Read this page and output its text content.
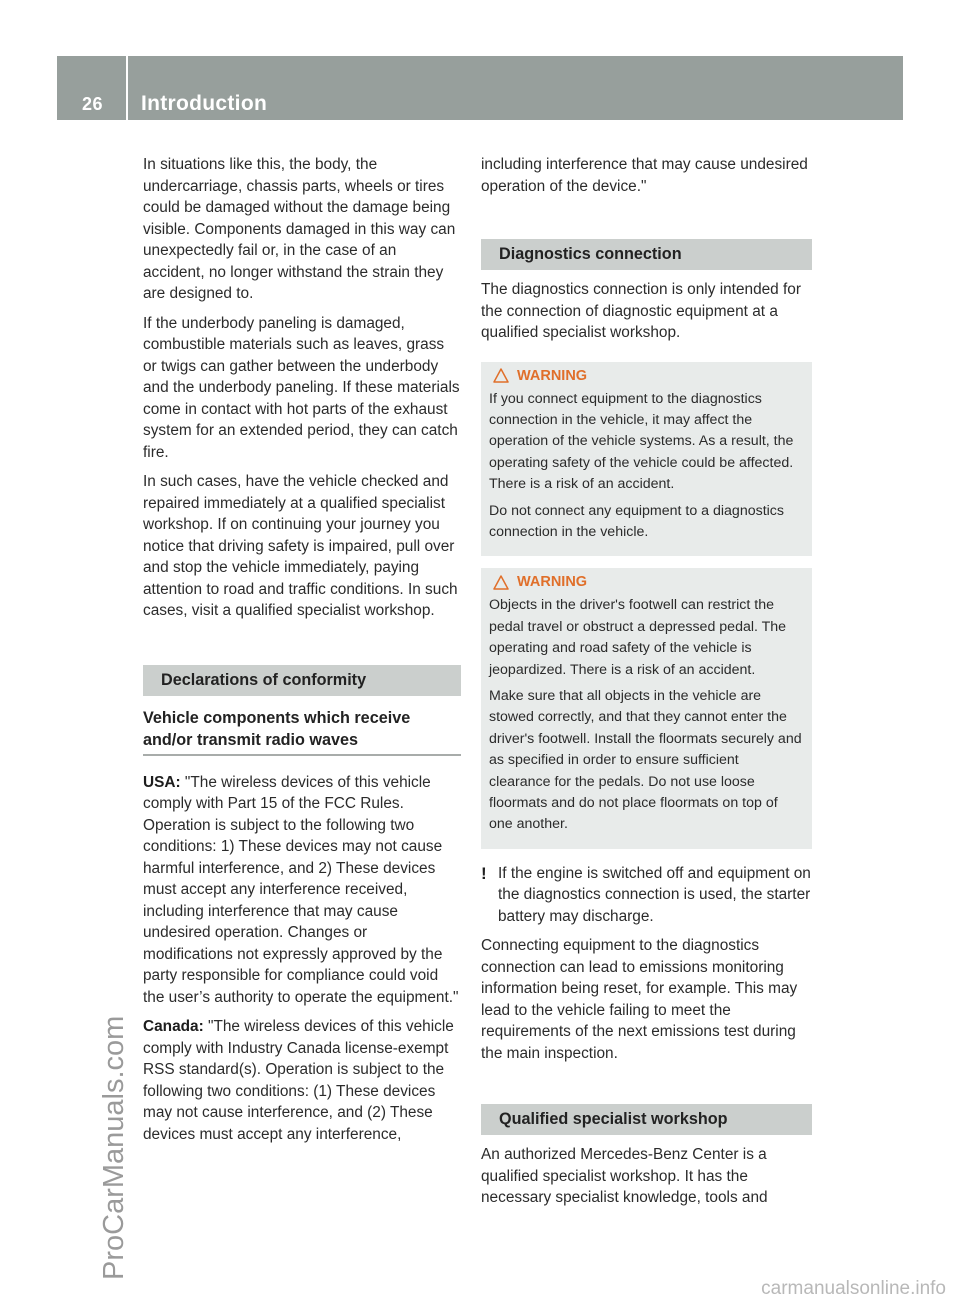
26 Introduction
ProCarManuals.com
carmanualsonline.info

In situations like this, the body, the undercarriage, chassis parts, wheels or tires could be damaged without the damage being visible. Components damaged in this way can unexpectedly fail or, in the case of an accident, no longer withstand the strain they are designed to.

If the underbody paneling is damaged, combustible materials such as leaves, grass or twigs can gather between the underbody and the underbody paneling. If these materials come in contact with hot parts of the exhaust system for an extended period, they can catch fire.

In such cases, have the vehicle checked and repaired immediately at a qualified specialist workshop. If on continuing your journey you notice that driving safety is impaired, pull over and stop the vehicle immediately, paying attention to road and traffic conditions. In such cases, visit a qualified specialist workshop.

Declarations of conformity
Vehicle components which receive and/or transmit radio waves

USA: "The wireless devices of this vehicle comply with Part 15 of the FCC Rules. Operation is subject to the following two conditions: 1) These devices may not cause harmful interference, and 2) These devices must accept any interference received, including interference that may cause undesired operation. Changes or modifications not expressly approved by the party responsible for compliance could void the user’s authority to operate the equipment."

Canada: "The wireless devices of this vehicle comply with Industry Canada license-exempt RSS standard(s). Operation is subject to the following two conditions: (1) These devices may not cause interference, and (2) These devices must accept any interference,

including interference that may cause undesired operation of the device."

Diagnostics connection

The diagnostics connection is only intended for the connection of diagnostic equipment at a qualified specialist workshop.

WARNING

If you connect equipment to the diagnostics connection in the vehicle, it may affect the operation of the vehicle systems. As a result, the operating safety of the vehicle could be affected. There is a risk of an accident.

Do not connect any equipment to a diagnostics connection in the vehicle.

WARNING

Objects in the driver's footwell can restrict the pedal travel or obstruct a depressed pedal. The operating and road safety of the vehicle is jeopardized. There is a risk of an accident.

Make sure that all objects in the vehicle are stowed correctly, and that they cannot enter the driver's footwell. Install the floormats securely and as specified in order to ensure sufficient clearance for the pedals. Do not use loose floormats and do not place floormats on top of one another.

! If the engine is switched off and equipment on the diagnostics connection is used, the starter battery may discharge.

Connecting equipment to the diagnostics connection can lead to emissions monitoring information being reset, for example. This may lead to the vehicle failing to meet the requirements of the next emissions test during the main inspection.

Qualified specialist workshop

An authorized Mercedes-Benz Center is a qualified specialist workshop. It has the necessary specialist knowledge, tools and
